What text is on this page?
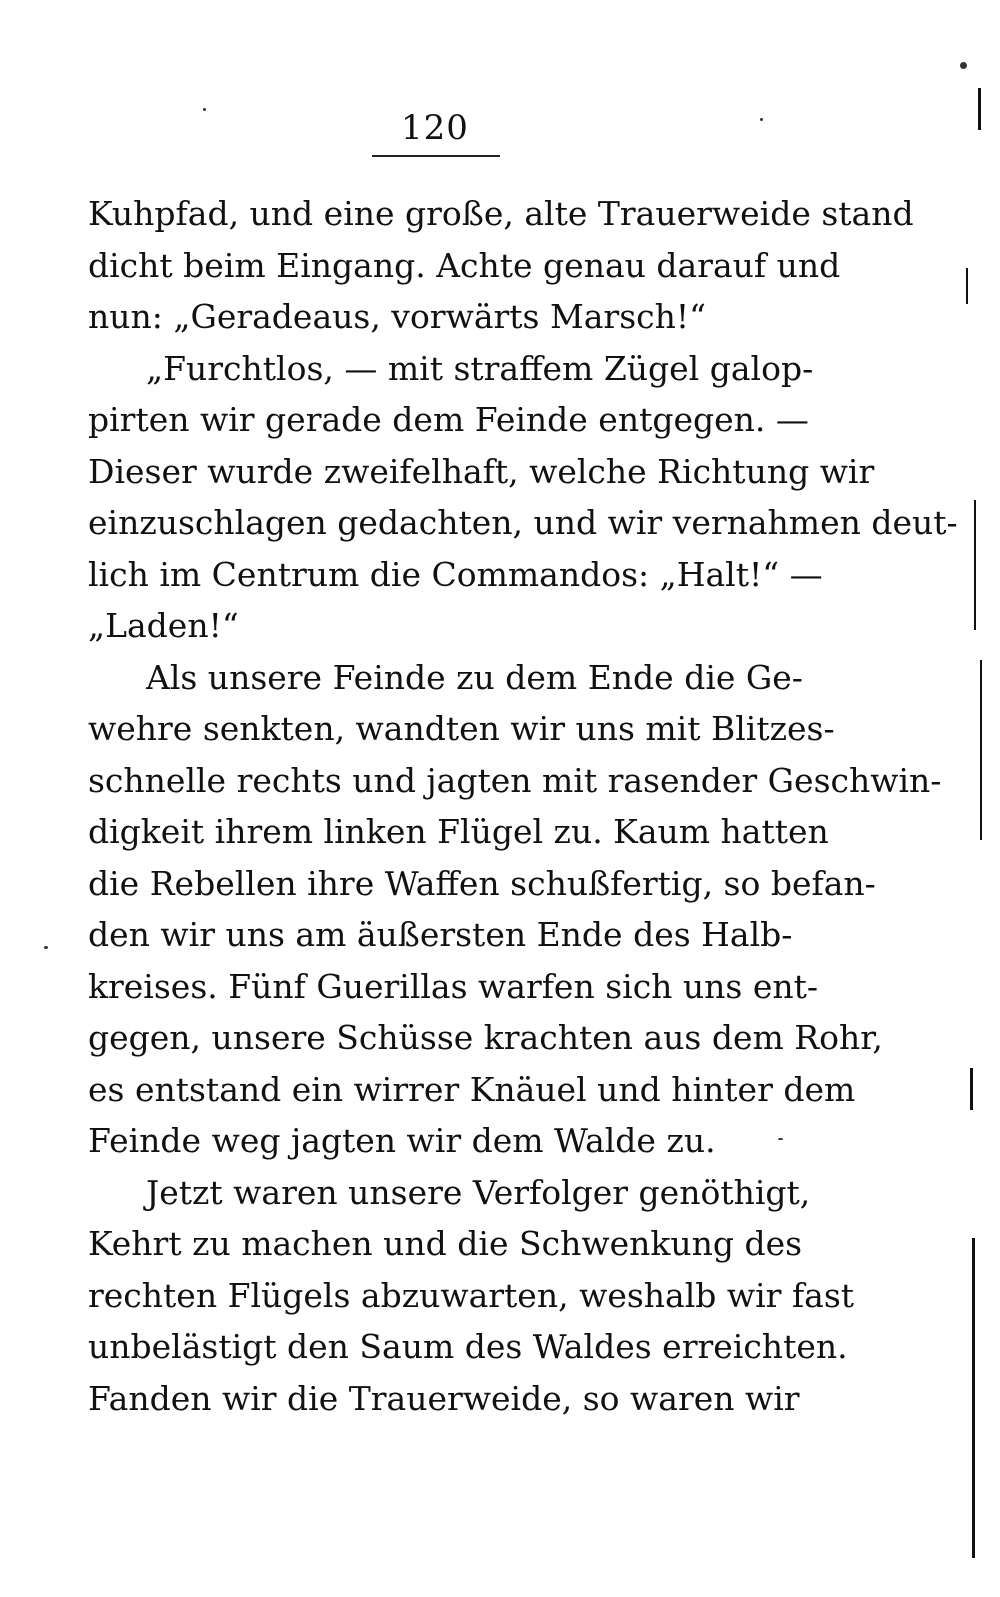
120
Kuhpfad, und eine große, alte Trauerweide stand
dicht beim Eingang. Achte genau darauf und
nun: „Geradeaus, vorwärts Marsch!“
„Furchtlos, — mit straffem Zügel galop-
pirten wir gerade dem Feinde entgegen. —
Dieser wurde zweifelhaft, welche Richtung wir
einzuschlagen gedachten, und wir vernahmen deut-
lich im Centrum die Commandos: „Halt!“ —
„Laden!“
Als unsere Feinde zu dem Ende die Ge-
wehre senkten, wandten wir uns mit Blitzes-
schnelle rechts und jagten mit rasender Geschwin-
digkeit ihrem linken Flügel zu. Kaum hatten
die Rebellen ihre Waffen schußfertig, so befan-
den wir uns am äußersten Ende des Halb-
kreises. Fünf Guerillas warfen sich uns ent-
gegen, unsere Schüsse krachten aus dem Rohr,
es entstand ein wirrer Knäuel und hinter dem
Feinde weg jagten wir dem Walde zu.
Jetzt waren unsere Verfolger genöthigt,
Kehrt zu machen und die Schwenkung des
rechten Flügels abzuwarten, weshalb wir fast
unbelästigt den Saum des Waldes erreichten.
Fanden wir die Trauerweide, so waren wir
